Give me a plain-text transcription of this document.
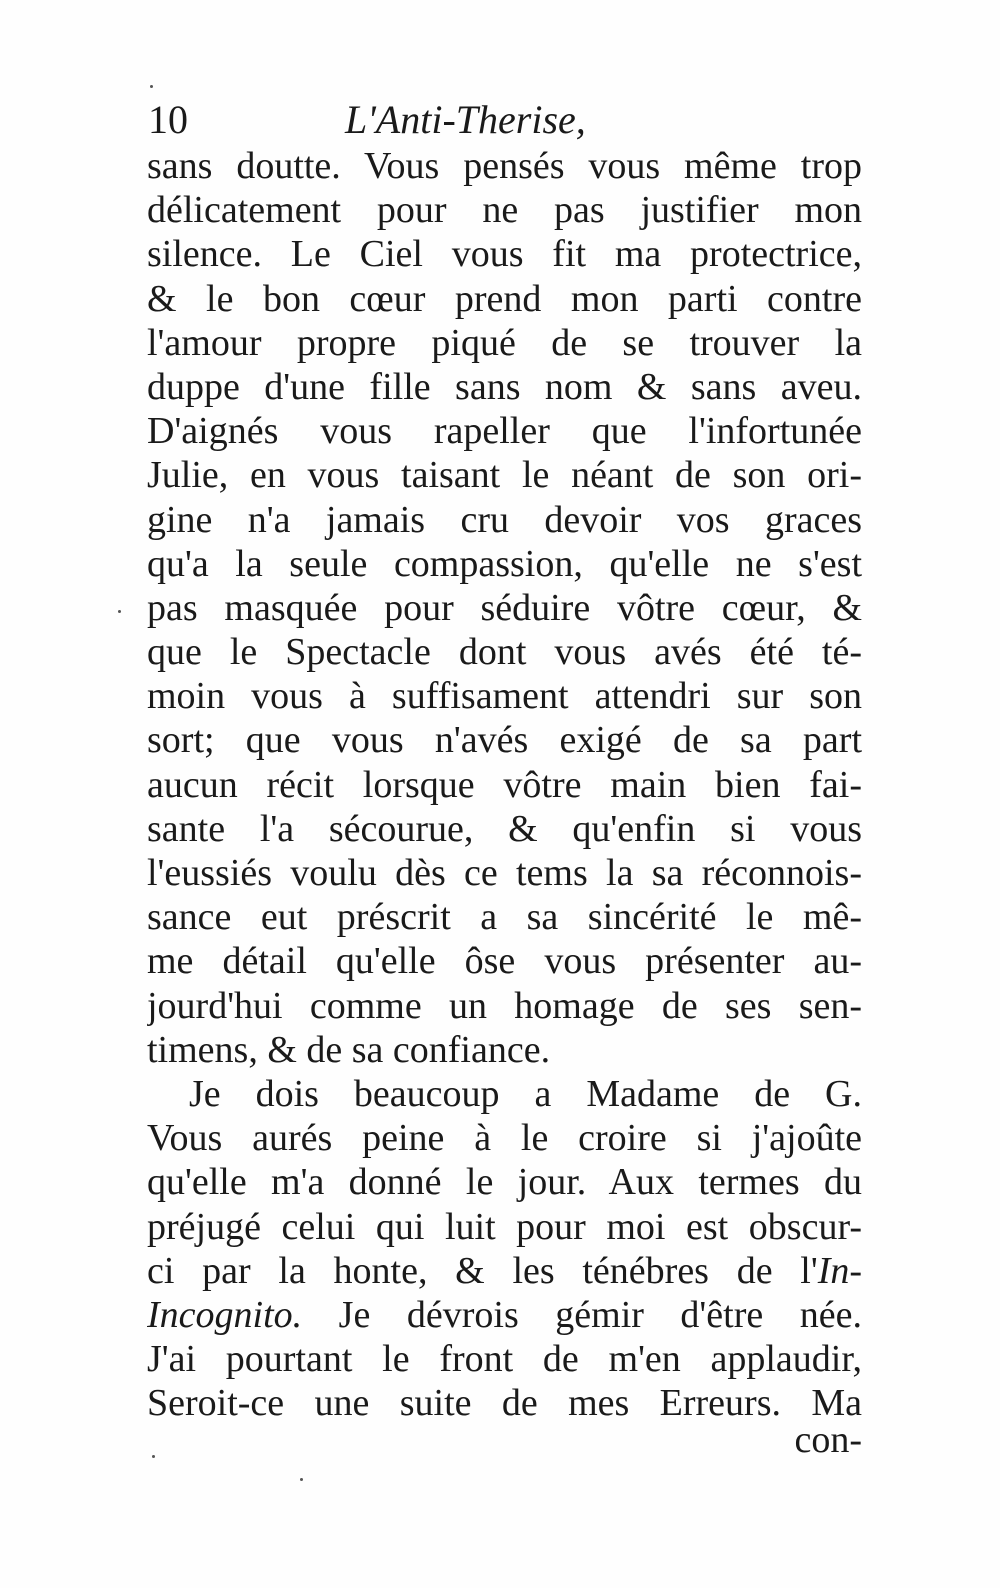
10	L'Anti-Therise,
sans doutte. Vous pensés vous même trop
délicatement pour ne pas justifier mon
silence. Le Ciel vous fit ma protectrice,
& le bon cœur prend mon parti contre
l'amour propre piqué de se trouver la
duppe d'une fille sans nom & sans aveu.
D'aignés vous rapeller que l'infortunée
Julie, en vous taisant le néant de son ori-
gine n'a jamais cru devoir vos graces
qu'a la seule compassion, qu'elle ne s'est
pas masquée pour séduire vôtre cœur, &
que le Spectacle dont vous avés été té-
moin vous à suffisament attendri sur son
sort; que vous n'avés exigé de sa part
aucun récit lorsque vôtre main bien fai-
sante l'a sécourue, & qu'enfin si vous
l'eussiés voulu dès ce tems la sa réconnois-
sance eut préscrit a sa sincérité le mê-
me détail qu'elle ôse vous présenter au-
jourd'hui comme un homage de ses sen-
timens, & de sa confiance.
Je dois beaucoup a Madame de G.
Vous aurés peine à le croire si j'ajoûte
qu'elle m'a donné le jour. Aux termes du
préjugé celui qui luit pour moi est obscur-
ci par la honte, & les ténébres de l'In-
Incognito. Je dévrois gémir d'être née.
J'ai pourtant le front de m'en applaudir,
Seroit-ce une suite de mes Erreurs. Ma
con-
